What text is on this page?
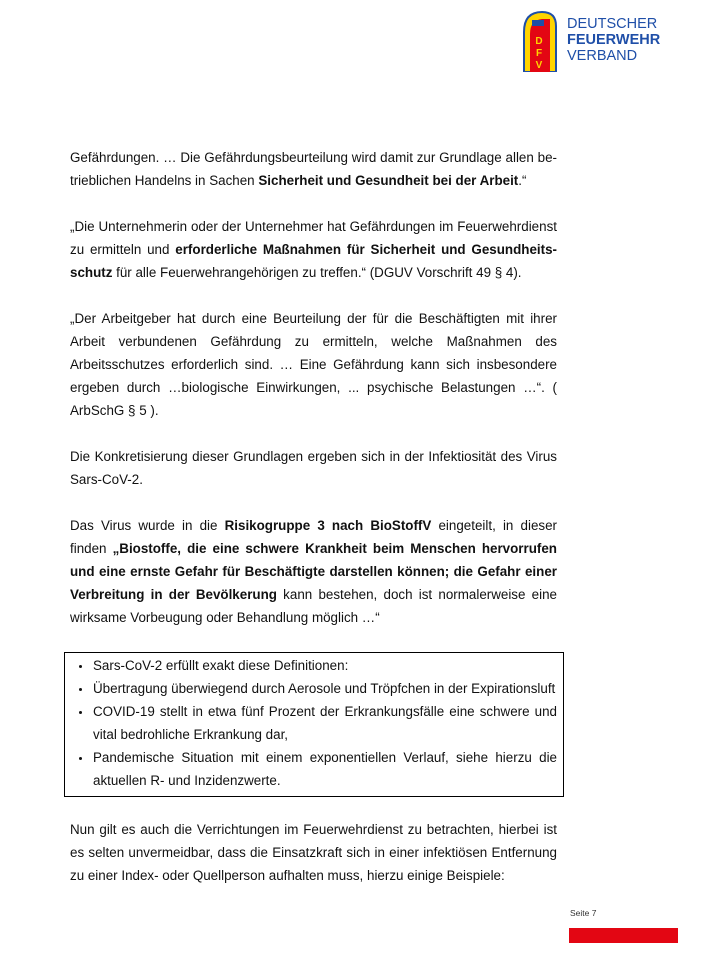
D
F
V
DEUTSCHER
FEUERWEHR
VERBAND

Gefährdungen. … Die Gefährdungsbeurteilung wird damit zur Grundlage allen betrieblichen Handelns in Sachen Sicherheit und Gesundheit bei der Arbeit.“

„Die Unternehmerin oder der Unternehmer hat Gefährdungen im Feuerwehrdienst zu ermitteln und erforderliche Maßnahmen für Sicherheit und Gesundheitsschutz für alle Feuerwehrangehörigen zu treffen.“ (DGUV Vorschrift 49 § 4).

„Der Arbeitgeber hat durch eine Beurteilung der für die Beschäftigten mit ihrer Arbeit verbundenen Gefährdung zu ermitteln, welche Maßnahmen des Arbeitsschutzes erforderlich sind. … Eine Gefährdung kann sich insbesondere ergeben durch …biologische Einwirkungen, ... psychische Belastungen …“. ( ArbSchG § 5 ).

Die Konkretisierung dieser Grundlagen ergeben sich in der Infektiosität des Virus Sars-CoV-2.

Das Virus wurde in die Risikogruppe 3 nach BioStoffV eingeteilt, in dieser finden „Biostoffe, die eine schwere Krankheit beim Menschen hervorrufen und eine ernste Gefahr für Beschäftigte darstellen können; die Gefahr einer Verbreitung in der Bevölkerung kann bestehen, doch ist normalerweise eine wirksame Vorbeugung oder Behandlung möglich …“

• Sars-CoV-2 erfüllt exakt diese Definitionen:
• Übertragung überwiegend durch Aerosole und Tröpfchen in der Expirationsluft
• COVID-19 stellt in etwa fünf Prozent der Erkrankungsfälle eine schwere und vital bedrohliche Erkrankung dar,
• Pandemische Situation mit einem exponentiellen Verlauf, siehe hierzu die aktuellen R- und Inzidenzwerte.

Nun gilt es auch die Verrichtungen im Feuerwehrdienst zu betrachten, hierbei ist es selten unvermeidbar, dass die Einsatzkraft sich in einer infektiösen Entfernung zu einer Index- oder Quellperson aufhalten muss, hierzu einige Beispiele:

Seite 7
